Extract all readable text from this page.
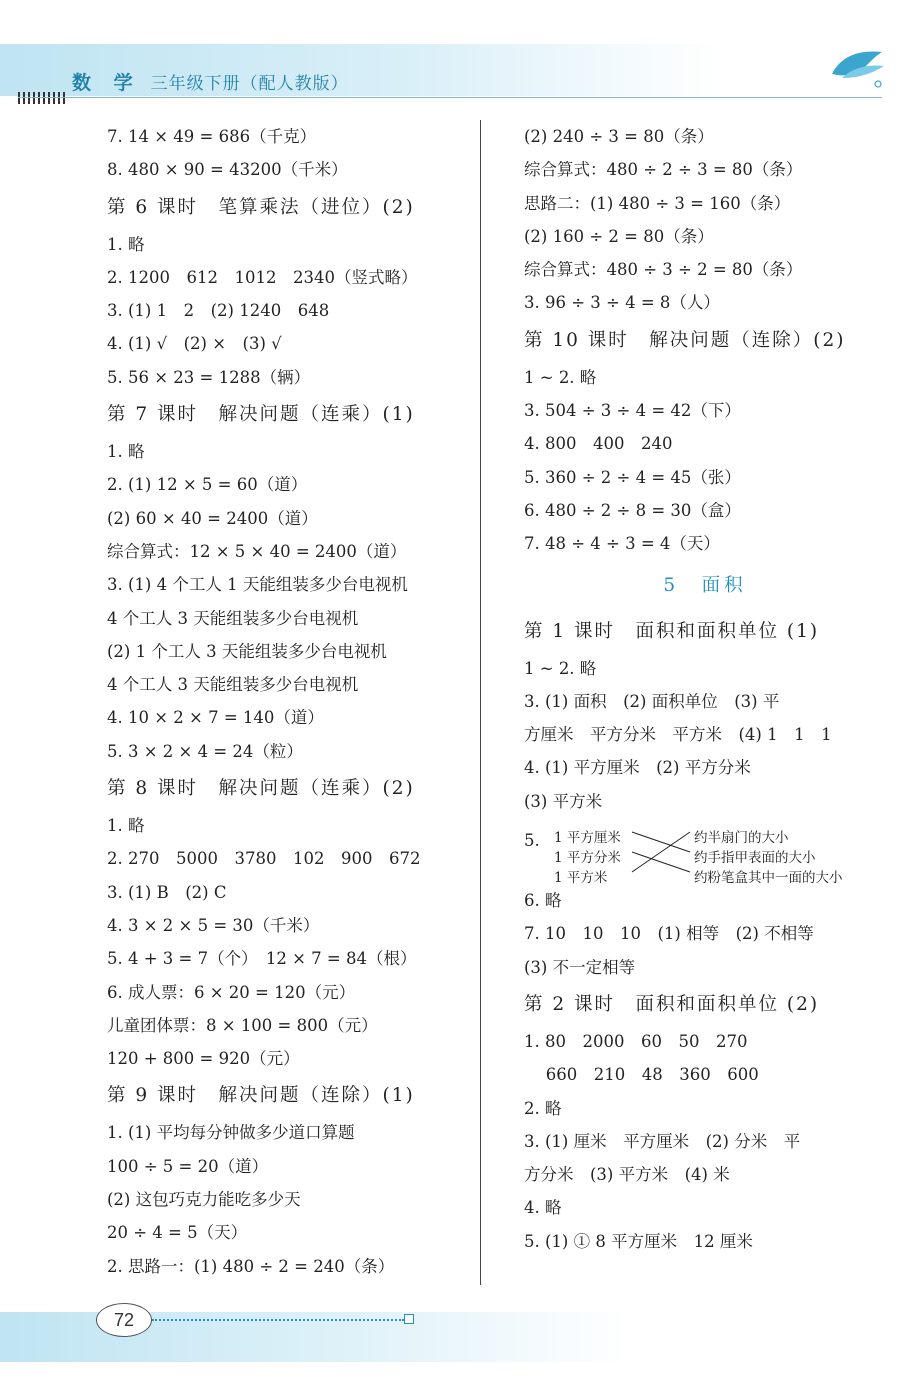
数 学 三年级下册（配人教版）
7. 14 × 49 = 686（千克）
8. 480 × 90 = 43200（千米）
第 6 课时　笔算乘法（进位）(2)
1. 略
2. 1200　612　1012　2340（竖式略）
3. (1) 1　2　(2) 1240　648
4. (1) √　(2) ×　(3) √
5. 56 × 23 = 1288（辆）
第 7 课时　解决问题（连乘）(1)
1. 略
2. (1) 12 × 5 = 60（道）
(2) 60 × 40 = 2400（道）
综合算式：12 × 5 × 40 = 2400（道）
3. (1) 4 个工人 1 天能组装多少台电视机
4 个工人 3 天能组装多少台电视机
(2) 1 个工人 3 天能组装多少台电视机
4 个工人 3 天能组装多少台电视机
4. 10 × 2 × 7 = 140（道）
5. 3 × 2 × 4 = 24（粒）
第 8 课时　解决问题（连乘）(2)
1. 略
2. 270　5000　3780　102　900　672
3. (1) B　(2) C
4. 3 × 2 × 5 = 30（千米）
5. 4 + 3 = 7（个）　12 × 7 = 84（根）
6. 成人票：6 × 20 = 120（元）
儿童团体票：8 × 100 = 800（元）
120 + 800 = 920（元）
第 9 课时　解决问题（连除）(1)
1. (1) 平均每分钟做多少道口算题
100 ÷ 5 = 20（道）
(2) 这包巧克力能吃多少天
20 ÷ 4 = 5（天）
2. 思路一：(1) 480 ÷ 2 = 240（条）
(2) 240 ÷ 3 = 80（条）
综合算式：480 ÷ 2 ÷ 3 = 80（条）
思路二：(1) 480 ÷ 3 = 160（条）
(2) 160 ÷ 2 = 80（条）
综合算式：480 ÷ 3 ÷ 2 = 80（条）
3. 96 ÷ 3 ÷ 4 = 8（人）
第 10 课时　解决问题（连除）(2)
1 ~ 2. 略
3. 504 ÷ 3 ÷ 4 = 42（下）
4. 800　400　240
5. 360 ÷ 2 ÷ 4 = 45（张）
6. 480 ÷ 2 ÷ 8 = 30（盒）
7. 48 ÷ 4 ÷ 3 = 4（天）
5　面积
第 1 课时　面积和面积单位 (1)
1 ~ 2. 略
3. (1) 面积　(2) 面积单位　(3) 平
方厘米　平方分米　平方米　(4) 1　1　1
4. (1) 平方厘米　(2) 平方分米
(3) 平方米
5. 1 平方厘米
1 平方分米
1 平方米
约半扇门的大小
约手指甲表面的大小
约粉笔盒其中一面的大小
6. 略
7. 10　10　10　(1) 相等　(2) 不相等
(3) 不一定相等
第 2 课时　面积和面积单位 (2)
1. 80　2000　60　50　270
　 660　210　48　360　600
2. 略
3. (1) 厘米　平方厘米　(2) 分米　平
方分米　(3) 平方米　(4) 米
4. 略
5. (1) ① 8 平方厘米　12 厘米
72
